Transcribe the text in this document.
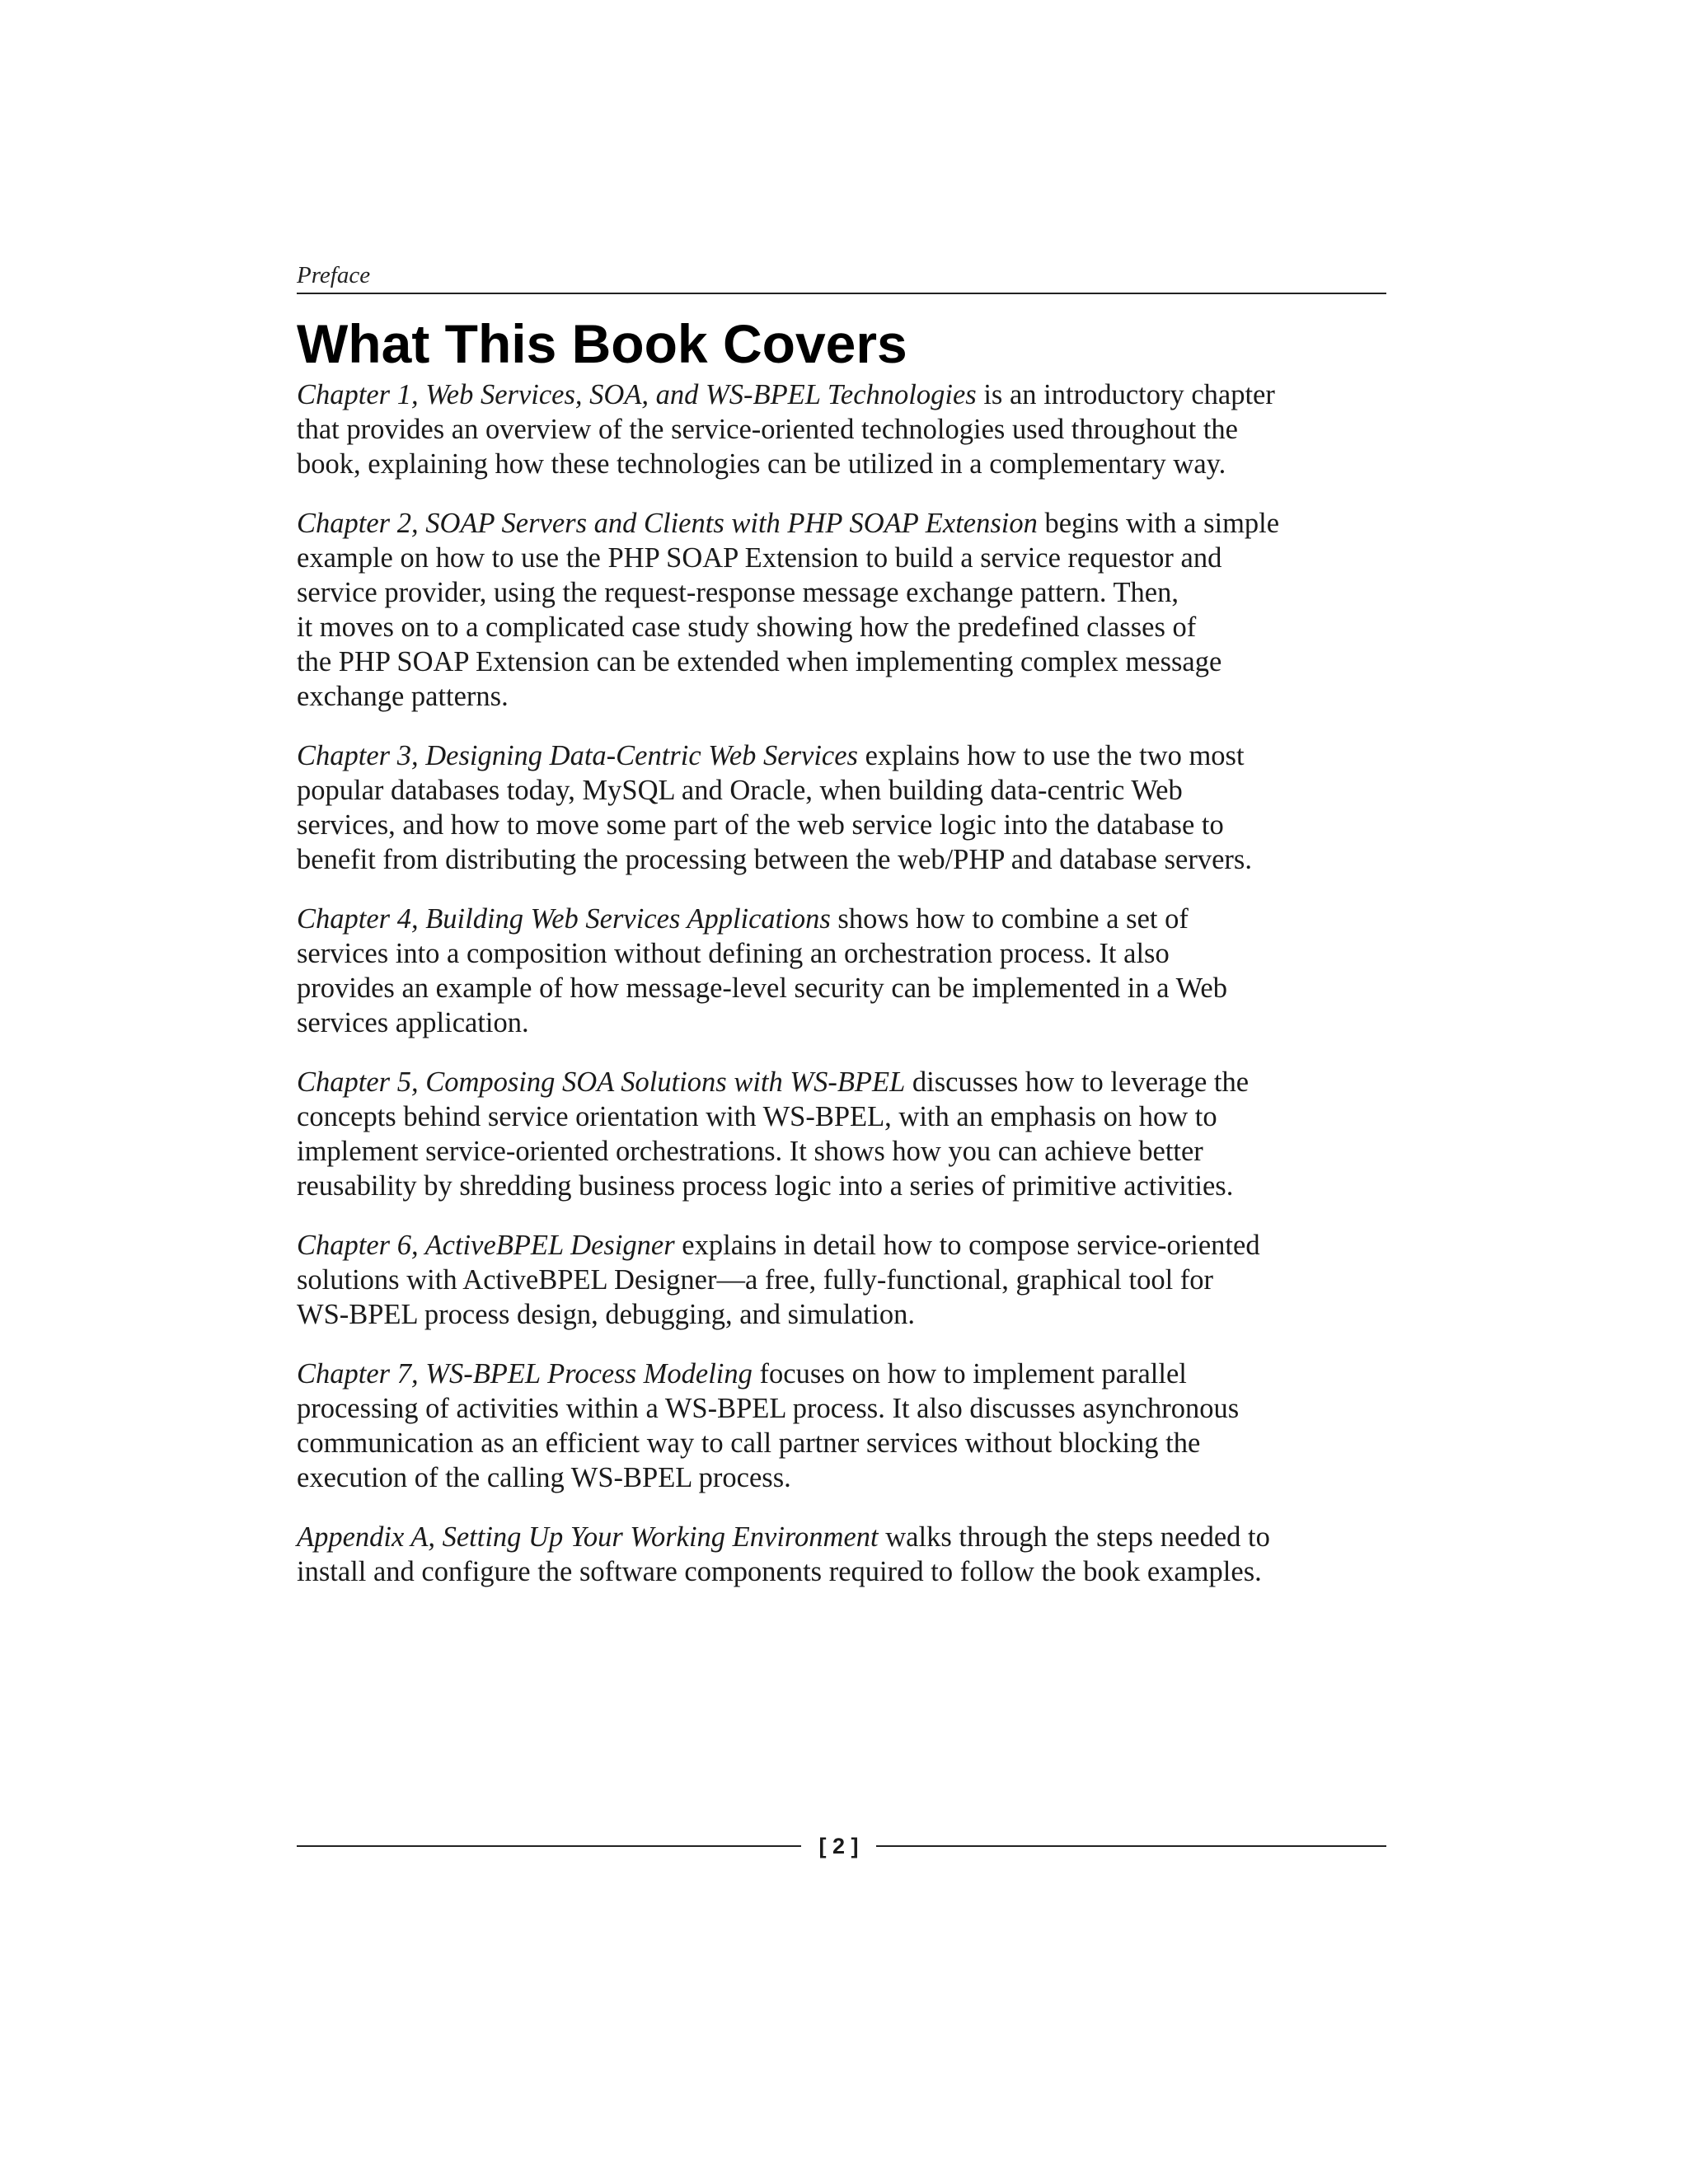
Preface
What This Book Covers

Chapter 1, Web Services, SOA, and WS-BPEL Technologies is an introductory chapter
that provides an overview of the service-oriented technologies used throughout the
book, explaining how these technologies can be utilized in a complementary way.

Chapter 2, SOAP Servers and Clients with PHP SOAP Extension begins with a simple
example on how to use the PHP SOAP Extension to build a service requestor and
service provider, using the request-response message exchange pattern. Then,
it moves on to a complicated case study showing how the predefined classes of
the PHP SOAP Extension can be extended when implementing complex message
exchange patterns.

Chapter 3, Designing Data-Centric Web Services explains how to use the two most
popular databases today, MySQL and Oracle, when building data-centric Web
services, and how to move some part of the web service logic into the database to
benefit from distributing the processing between the web/PHP and database servers.

Chapter 4, Building Web Services Applications shows how to combine a set of
services into a composition without defining an orchestration process. It also
provides an example of how message-level security can be implemented in a Web
services application.

Chapter 5, Composing SOA Solutions with WS-BPEL discusses how to leverage the
concepts behind service orientation with WS-BPEL, with an emphasis on how to
implement service-oriented orchestrations. It shows how you can achieve better
reusability by shredding business process logic into a series of primitive activities.

Chapter 6, ActiveBPEL Designer explains in detail how to compose service-oriented
solutions with ActiveBPEL Designer—a free, fully-functional, graphical tool for
WS-BPEL process design, debugging, and simulation.

Chapter 7, WS-BPEL Process Modeling focuses on how to implement parallel
processing of activities within a WS-BPEL process. It also discusses asynchronous
communication as an efficient way to call partner services without blocking the
execution of the calling WS-BPEL process.

Appendix A, Setting Up Your Working Environment walks through the steps needed to
install and configure the software components required to follow the book examples.

[ 2 ]
